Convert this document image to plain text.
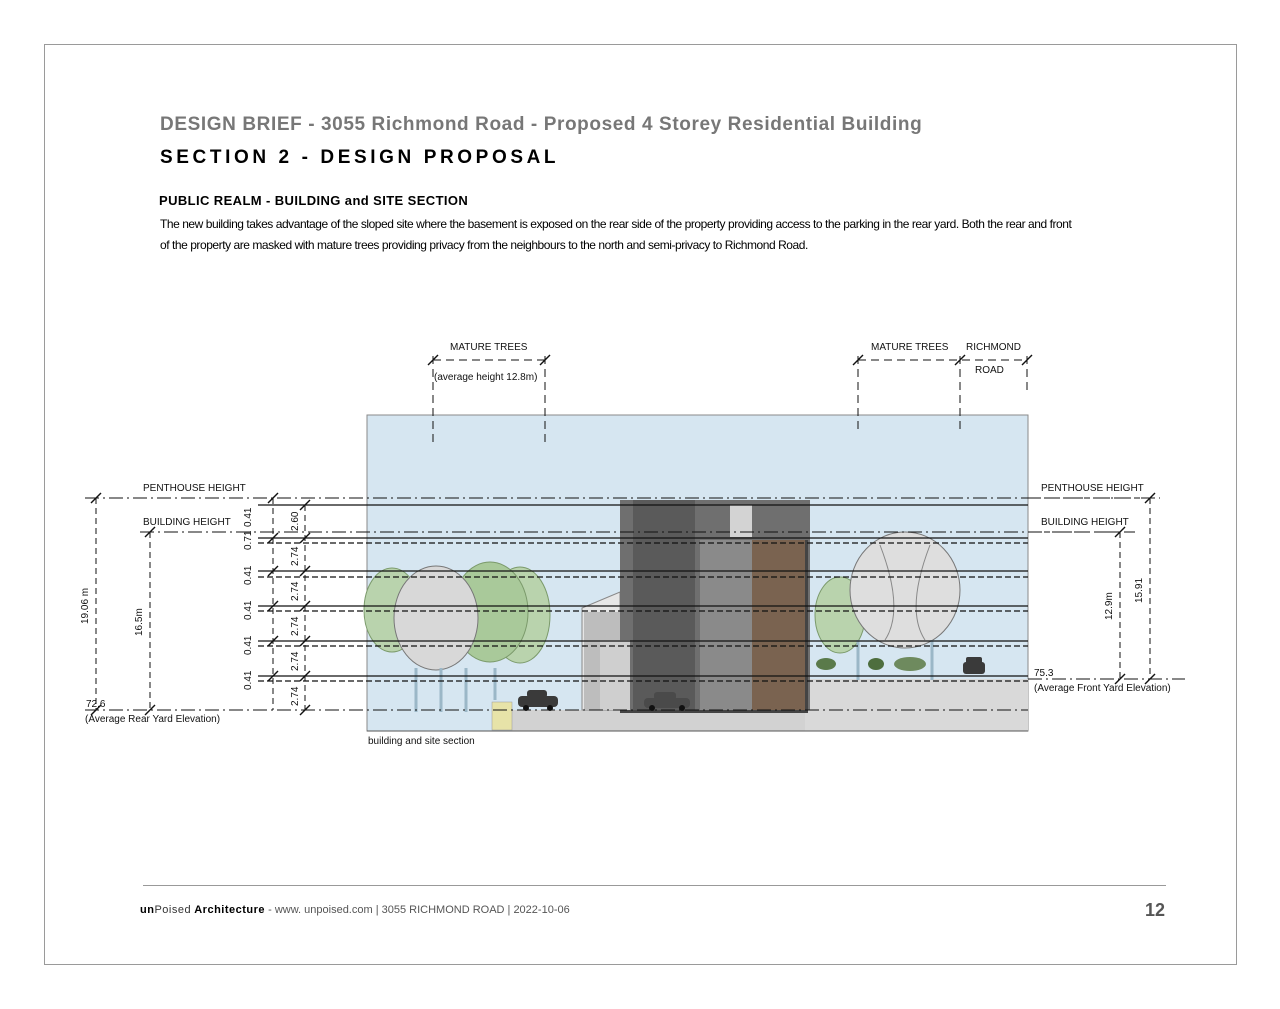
DESIGN BRIEF - 3055 Richmond Road - Proposed 4 Storey Residential Building
SECTION 2 - DESIGN PROPOSAL
PUBLIC REALM - BUILDING and SITE SECTION
The new building takes advantage of the sloped site where the basement is exposed on the rear side of the property providing access to the parking in the rear yard. Both the rear and front
of the property are masked with mature trees providing privacy from the neighbours to the north and semi-privacy to Richmond Road.
MATURE TREES
(average height 12.8m)
MATURE TREES RICHMOND
ROAD
PENTHOUSE HEIGHT
BUILDING HEIGHT
PENTHOUSE HEIGHT
BUILDING HEIGHT
72.6
(Average Rear Yard Elevation)
75.3
(Average Front Yard Elevation)
building and site section
19.06 m	16.5m
12.9m
15.91
0.41
0.71
0.41
0.41
0.41
0.41
2.60
2.74
2.74
2.74
2.74
2.74
unPoised Architecture - www. unpoised.com | 3055 RICHMOND ROAD | 2022-10-06	12
